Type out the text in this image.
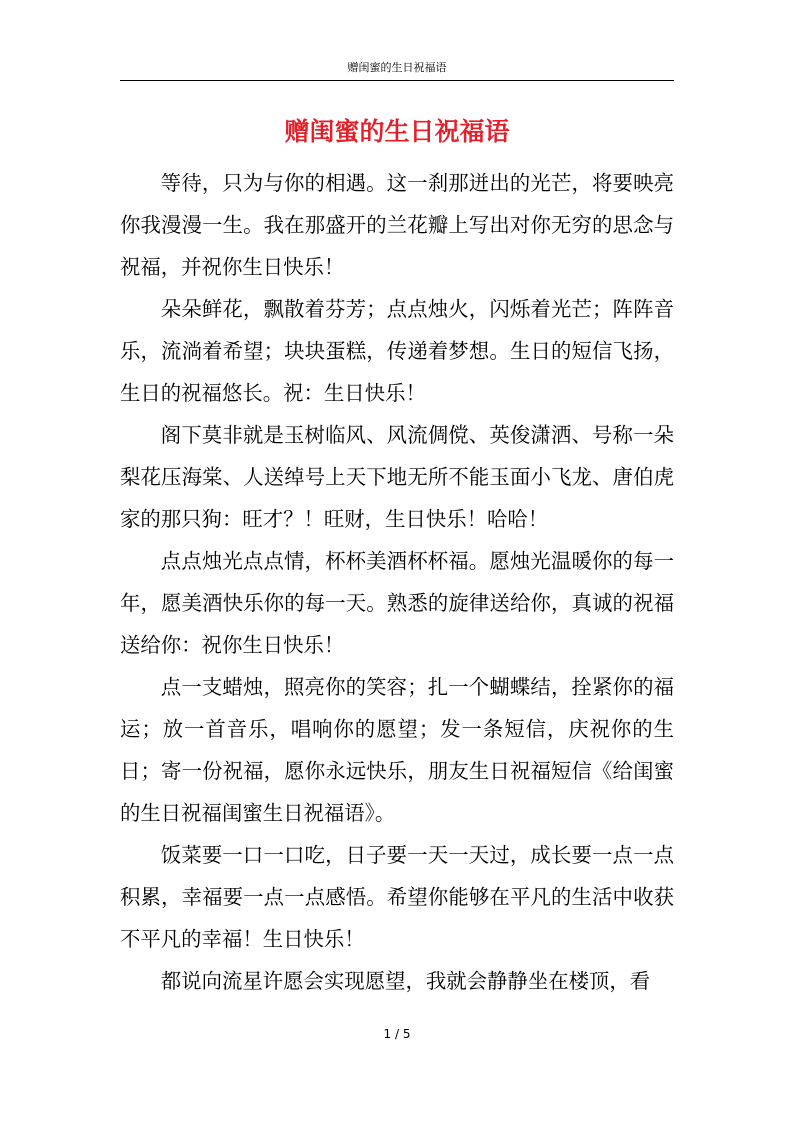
赠闺蜜的生日祝福语
赠闺蜜的生日祝福语

等待，只为与你的相遇。这一刹那迸出的光芒，将要映亮你我漫漫一生。我在那盛开的兰花瓣上写出对你无穷的思念与祝福，并祝你生日快乐！

朵朵鲜花，飘散着芬芳；点点烛火，闪烁着光芒；阵阵音乐，流淌着希望；块块蛋糕，传递着梦想。生日的短信飞扬，生日的祝福悠长。祝：生日快乐！

阁下莫非就是玉树临风、风流倜傥、英俊潇洒、号称一朵梨花压海棠、人送绰号上天下地无所不能玉面小飞龙、唐伯虎家的那只狗：旺才？！旺财，生日快乐！哈哈！

点点烛光点点情，杯杯美酒杯杯福。愿烛光温暖你的每一年，愿美酒快乐你的每一天。熟悉的旋律送给你，真诚的祝福送给你：祝你生日快乐！

点一支蜡烛，照亮你的笑容；扎一个蝴蝶结，拴紧你的福运；放一首音乐，唱响你的愿望；发一条短信，庆祝你的生日；寄一份祝福，愿你永远快乐，朋友生日祝福短信《给闺蜜的生日祝福闺蜜生日祝福语》。

饭菜要一口一口吃，日子要一天一天过，成长要一点一点积累，幸福要一点一点感悟。希望你能够在平凡的生活中收获不平凡的幸福！生日快乐！

都说向流星许愿会实现愿望，我就会静静坐在楼顶，看

1 / 5
